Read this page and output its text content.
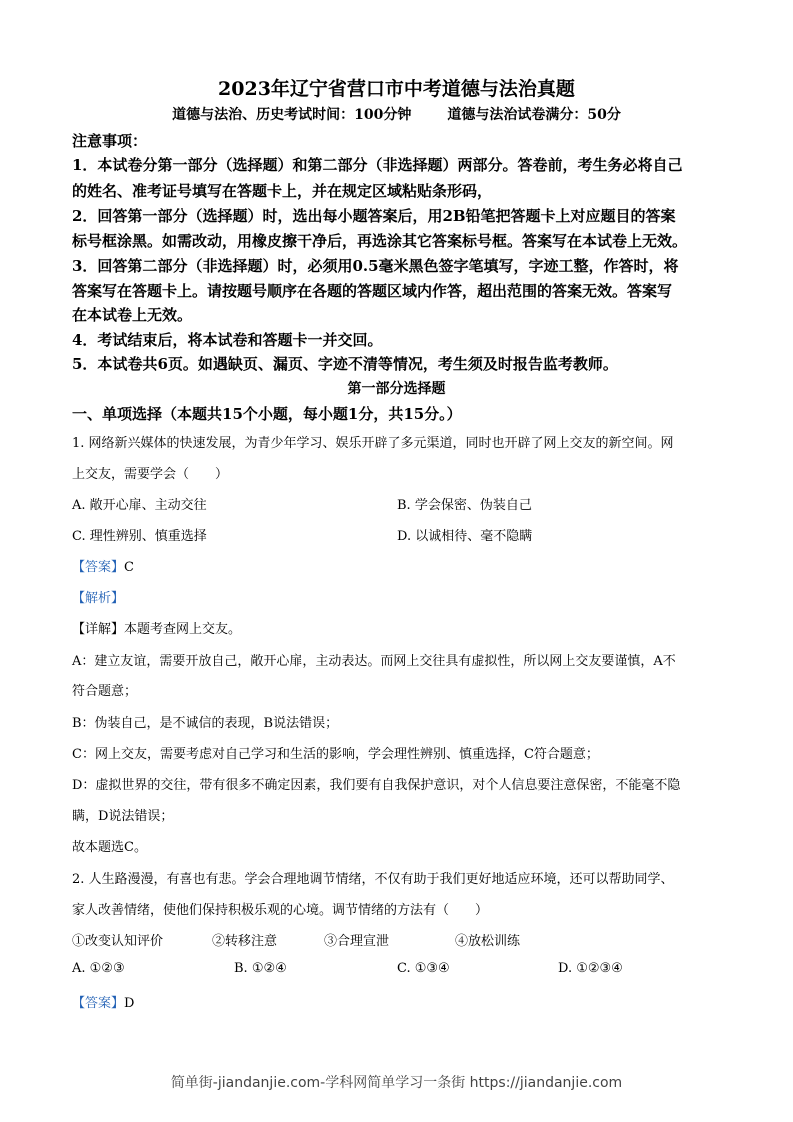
2023年辽宁省营口市中考道德与法治真题
道德与法治、历史考试时间：100分钟	道德与法治试卷满分：50分
注意事项：
1．本试卷分第一部分（选择题）和第二部分（非选择题）两部分。答卷前，考生务必将自己
的姓名、准考证号填写在答题卡上，并在规定区域粘贴条形码，
2．回答第一部分（选择题）时，选出每小题答案后，用2B铅笔把答题卡上对应题目的答案
标号框涂黑。如需改动，用橡皮擦干净后，再选涂其它答案标号框。答案写在本试卷上无效。
3．回答第二部分（非选择题）时，必须用0.5毫米黑色签字笔填写，字迹工整，作答时，将
答案写在答题卡上。请按题号顺序在各题的答题区域内作答，超出范围的答案无效。答案写
在本试卷上无效。
4．考试结束后，将本试卷和答题卡一并交回。
5．本试卷共6页。如遇缺页、漏页、字迹不清等情况，考生须及时报告监考教师。
第一部分选择题
一、单项选择（本题共15个小题，每小题1分，共15分。）
1. 网络新兴媒体的快速发展，为青少年学习、娱乐开辟了多元渠道，同时也开辟了网上交友的新空间。网
上交友，需要学会（　　）
A. 敞开心扉、主动交往	B. 学会保密、伪装自己
C. 理性辨别、慎重选择	D. 以诚相待、毫不隐瞒
【答案】C
【解析】
【详解】本题考查网上交友。
A：建立友谊，需要开放自己，敞开心扉，主动表达。而网上交往具有虚拟性，所以网上交友要谨慎，A不
符合题意；
B：伪装自己，是不诚信的表现，B说法错误；
C：网上交友，需要考虑对自己学习和生活的影响，学会理性辨别、慎重选择，C符合题意；
D：虚拟世界的交往，带有很多不确定因素，我们要有自我保护意识，对个人信息要注意保密，不能毫不隐
瞒，D说法错误；
故本题选C。
2. 人生路漫漫，有喜也有悲。学会合理地调节情绪，不仅有助于我们更好地适应环境，还可以帮助同学、
家人改善情绪，使他们保持积极乐观的心境。调节情绪的方法有（　　）
①改变认知评价	②转移注意	③合理宣泄	④放松训练
A. ①②③	B. ①②④	C. ①③④	D. ①②③④
【答案】D
简单街-jiandanjie.com-学科网简单学习一条街 https://jiandanjie.com
